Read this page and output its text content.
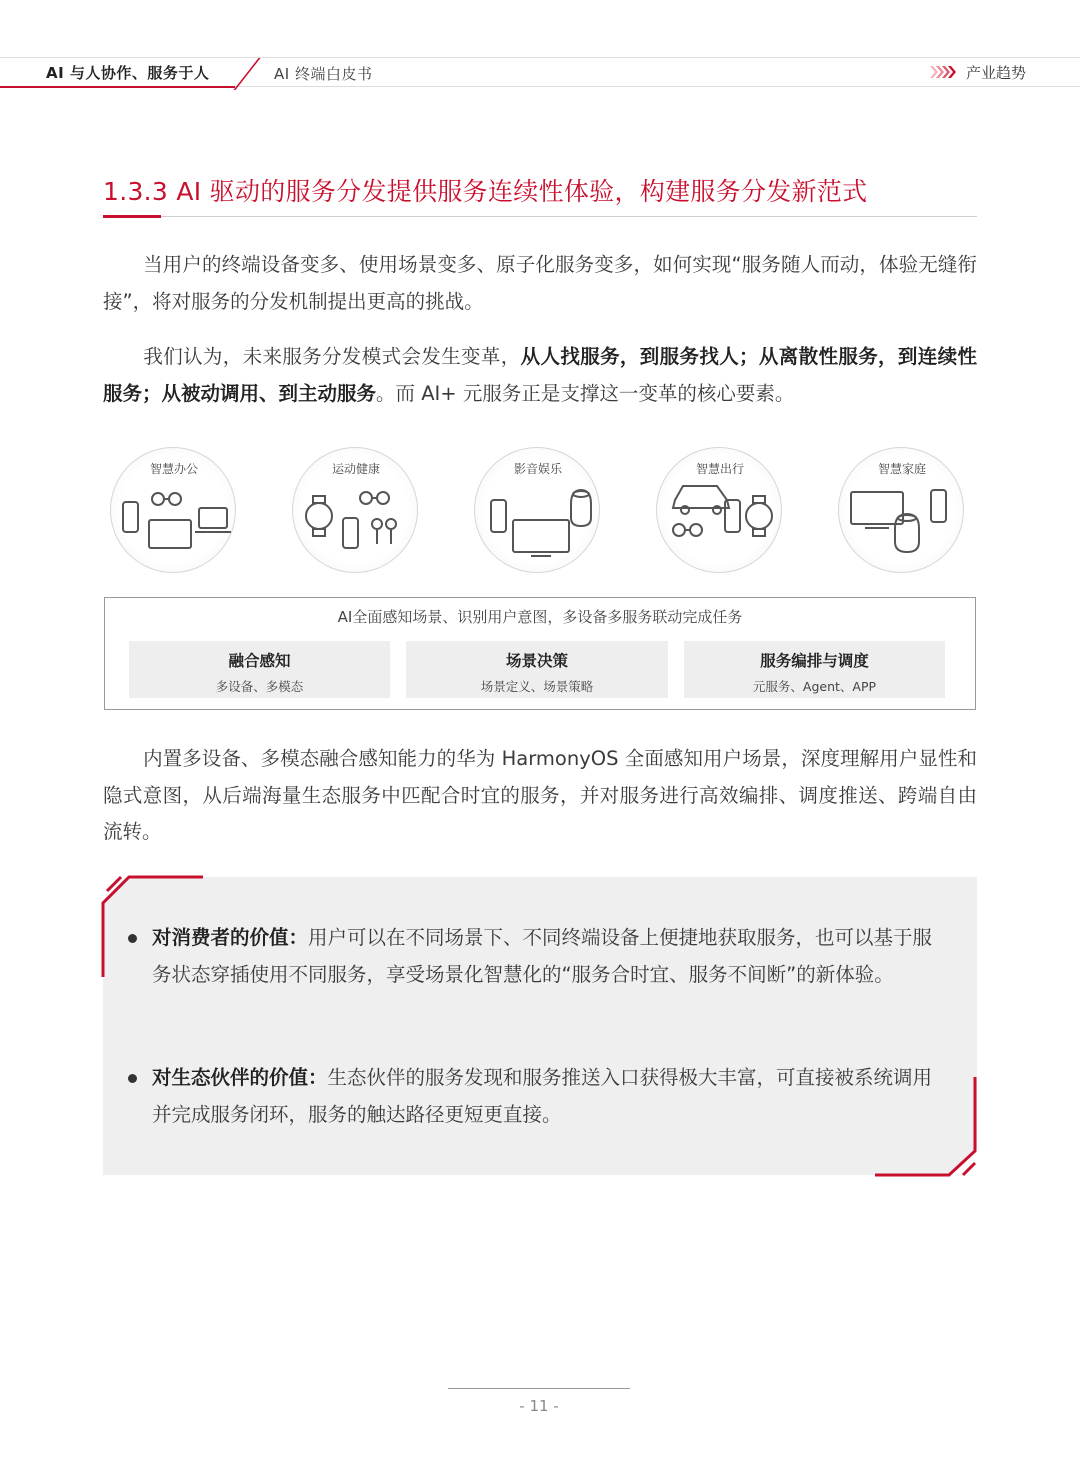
AI 与人协作、服务于人	AI 终端白皮书	产业趋势
1.3.3 AI 驱动的服务分发提供服务连续性体验，构建服务分发新范式

当用户的终端设备变多、使用场景变多、原子化服务变多，如何实现“服务随人而动，体验无缝衔接”，将对服务的分发机制提出更高的挑战。

我们认为，未来服务分发模式会发生变革，从人找服务，到服务找人；从离散性服务，到连续性服务；从被动调用、到主动服务。而 AI+ 元服务正是支撑这一变革的核心要素。

智慧办公	运动健康	影音娱乐	智慧出行	智慧家庭
AI全面感知场景、识别用户意图，多设备多服务联动完成任务
融合感知
多设备、多模态
场景决策
场景定义、场景策略
服务编排与调度
元服务、Agent、APP

内置多设备、多模态融合感知能力的华为 HarmonyOS 全面感知用户场景，深度理解用户显性和隐式意图，从后端海量生态服务中匹配合时宜的服务，并对服务进行高效编排、调度推送、跨端自由流转。

对消费者的价值：用户可以在不同场景下、不同终端设备上便捷地获取服务，也可以基于服务状态穿插使用不同服务，享受场景化智慧化的“服务合时宜、服务不间断”的新体验。

对生态伙伴的价值：生态伙伴的服务发现和服务推送入口获得极大丰富，可直接被系统调用并完成服务闭环，服务的触达路径更短更直接。

- 11 -
